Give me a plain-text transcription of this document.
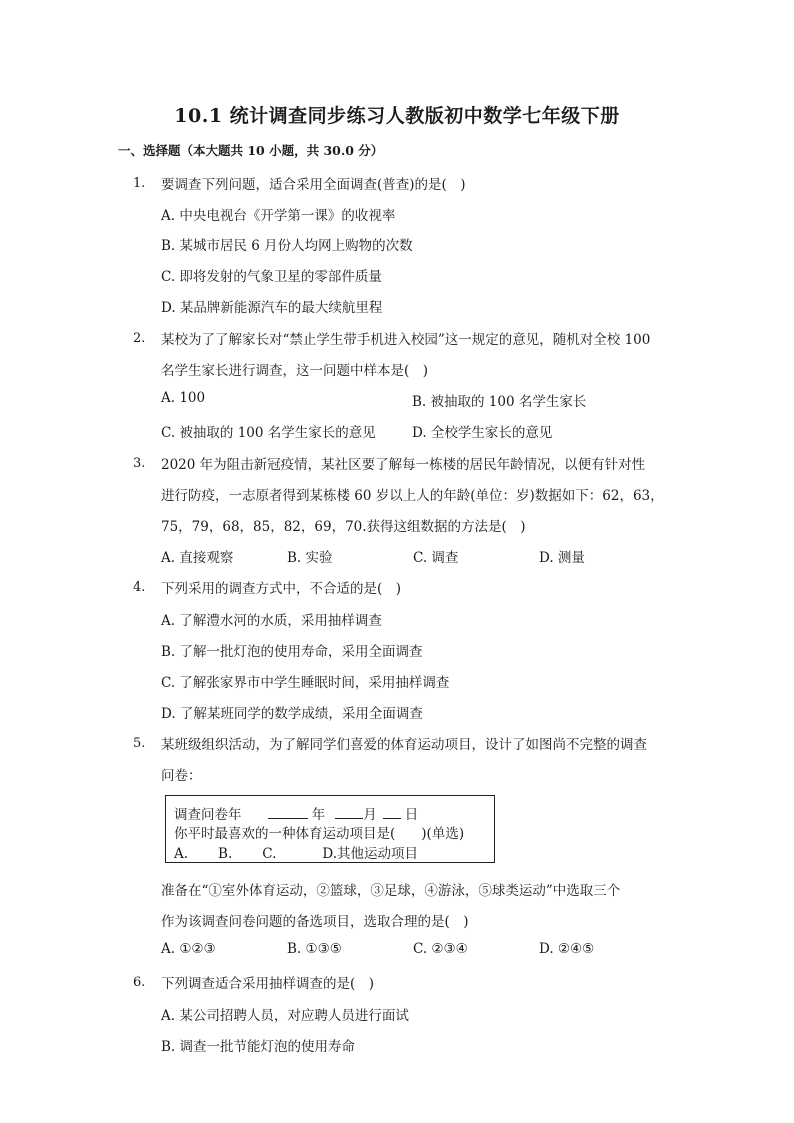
10.1 统计调查同步练习人教版初中数学七年级下册
一、选择题（本大题共 10 小题，共 30.0 分）
1. 要调查下列问题，适合采用全面调查(普查)的是(　)
A. 中央电视台《开学第一课》的收视率
B. 某城市居民 6 月份人均网上购物的次数
C. 即将发射的气象卫星的零部件质量
D. 某品牌新能源汽车的最大续航里程
2. 某校为了了解家长对“禁止学生带手机进入校园”这一规定的意见，随机对全校 100
名学生家长进行调查，这一问题中样本是(　)
A. 100	B. 被抽取的 100 名学生家长
C. 被抽取的 100 名学生家长的意见	D. 全校学生家长的意见
3. 2020 年为阻击新冠疫情，某社区要了解每一栋楼的居民年龄情况，以便有针对性
进行防疫，一志原者得到某栋楼 60 岁以上人的年龄(单位：岁)数据如下：62，63，
75，79，68，85，82，69，70.获得这组数据的方法是(　)
A. 直接观察	B. 实验	C. 调查	D. 测量
4. 下列采用的调查方式中，不合适的是(　)
A. 了解澧水河的水质，采用抽样调查
B. 了解一批灯泡的使用寿命，采用全面调查
C. 了解张家界市中学生睡眠时间，采用抽样调查
D. 了解某班同学的数学成绩，采用全面调查
5. 某班级组织活动，为了解同学们喜爱的体育运动项目，设计了如图尚不完整的调查
问卷：
调查问卷年	年	月 日
你平时最喜欢的一种体育运动项目是( )(单选)
A. B. C.	D.其他运动项目
准备在“①室外体育运动，②篮球，③足球，④游泳，⑤球类运动”中选取三个
作为该调查问卷问题的备选项目，选取合理的是(　)
A. ①②③	B. ①③⑤	C. ②③④	D. ②④⑤
6. 下列调查适合采用抽样调查的是(　)
A. 某公司招聘人员，对应聘人员进行面试
B. 调查一批节能灯泡的使用寿命
